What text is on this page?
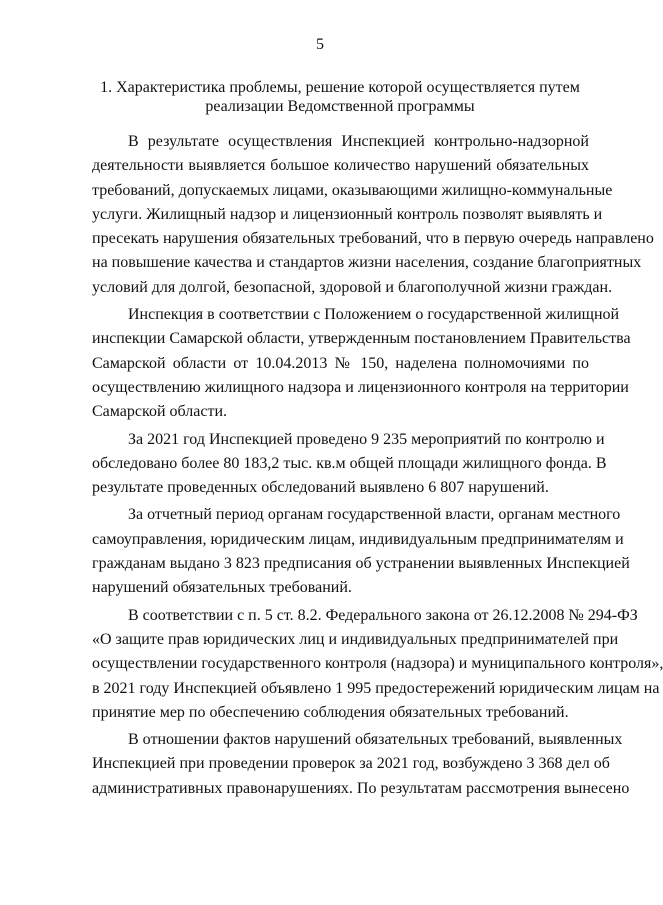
5
1. Характеристика проблемы, решение которой осуществляется путем
реализации Ведомственной программы
В результате осуществления Инспекцией контрольно-надзорной
деятельности выявляется большое количество нарушений обязательных
требований, допускаемых лицами, оказывающими жилищно-коммунальные
услуги. Жилищный надзор и лицензионный контроль позволят выявлять и
пресекать нарушения обязательных требований, что в первую очередь направлено
на повышение качества и стандартов жизни населения, создание благоприятных
условий для долгой, безопасной, здоровой и благополучной жизни граждан.
Инспекция в соответствии с Положением о государственной жилищной
инспекции Самарской области, утвержденным постановлением Правительства
Самарской области от 10.04.2013 № 150, наделена полномочиями по
осуществлению жилищного надзора и лицензионного контроля на территории
Самарской области.
За 2021 год Инспекцией проведено 9 235 мероприятий по контролю и
обследовано более 80 183,2 тыс. кв.м общей площади жилищного фонда. В
результате проведенных обследований выявлено 6 807 нарушений.
За отчетный период органам государственной власти, органам местного
самоуправления, юридическим лицам, индивидуальным предпринимателям и
гражданам выдано 3 823 предписания об устранении выявленных Инспекцией
нарушений обязательных требований.
В соответствии с п. 5 ст. 8.2. Федерального закона от 26.12.2008 № 294-ФЗ
«О защите прав юридических лиц и индивидуальных предпринимателей при
осуществлении государственного контроля (надзора) и муниципального контроля»,
в 2021 году Инспекцией объявлено 1 995 предостережений юридическим лицам на
принятие мер по обеспечению соблюдения обязательных требований.
В отношении фактов нарушений обязательных требований, выявленных
Инспекцией при проведении проверок за 2021 год, возбуждено 3 368 дел об
административных правонарушениях. По результатам рассмотрения вынесено
